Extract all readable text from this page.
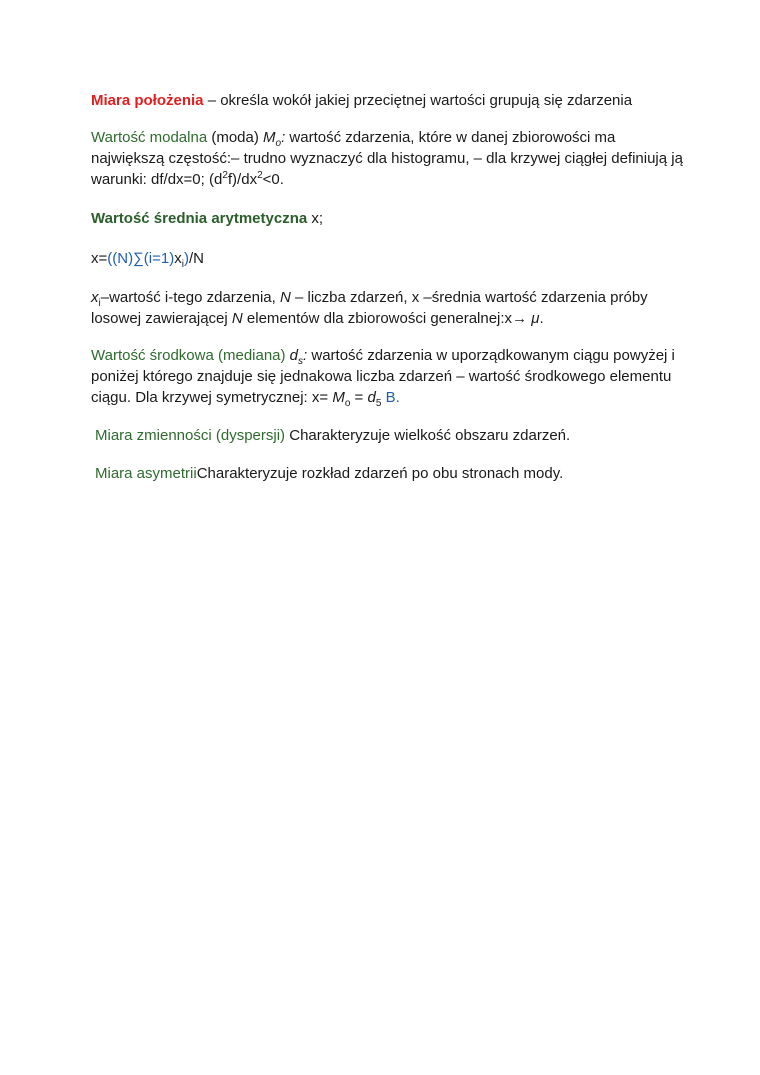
Miara położenia – określa wokół jakiej przeciętnej wartości grupują się zdarzenia

Wartość modalna (moda) $M_o$: wartość zdarzenia, które w danej zbiorowości ma największą częstość:– trudno wyznaczyć dla histogramu, – dla krzywej ciągłej definiują ją warunki: df/dx=0; $(d^2f)/dx^2<0$.

Wartość średnia arytmetyczna x;

$x=((N)\sum(i=1)x_i)/N$

$x_i$–wartość i-tego zdarzenia, N – liczba zdarzeń, x –średnia wartość zdarzenia próby losowej zawierającej N elementów dla zbiorowości generalnej:x→ μ.

Wartość środkowa (mediana) $d_s$: wartość zdarzenia w uporządkowanym ciągu powyżej i poniżej którego znajduje się jednakowa liczba zdarzeń – wartość środkowego elementu ciągu. Dla krzywej symetrycznej: $x= M_o = d_5$ B.

Miara zmienności (dyspersji) Charakteryzuje wielkość obszaru zdarzeń.

Miara asymetriiCharakteryzuje rozkład zdarzeń po obu stronach mody.
